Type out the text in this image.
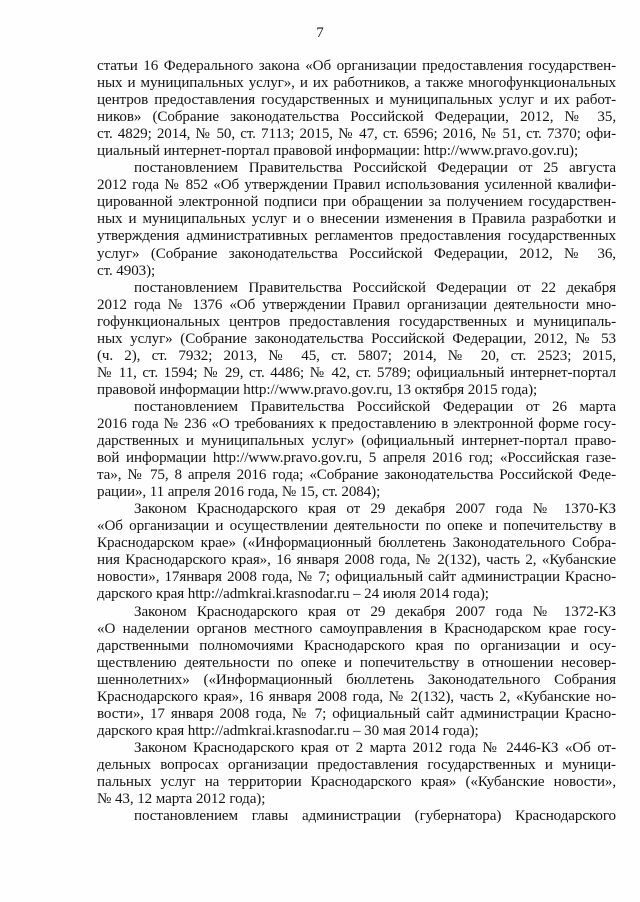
7
статьи 16 Федерального закона «Об организации предоставления государствен-
ных и муниципальных услуг», и их работников, а также многофункциональных
центров предоставления государственных и муниципальных услуг и их работ-
ников» (Собрание законодательства Российской Федерации, 2012, № 35,
ст. 4829; 2014, № 50, ст. 7113; 2015, № 47, ст. 6596; 2016, № 51, ст. 7370; офи-
циальный интернет-портал правовой информации: http://www.pravo.gov.ru);
постановлением Правительства Российской Федерации от 25 августа
2012 года № 852 «Об утверждении Правил использования усиленной квалифи-
цированной электронной подписи при обращении за получением государствен-
ных и муниципальных услуг и о внесении изменения в Правила разработки и
утверждения административных регламентов предоставления государственных
услуг» (Собрание законодательства Российской Федерации, 2012, № 36,
ст. 4903);
постановлением Правительства Российской Федерации от 22 декабря
2012 года № 1376 «Об утверждении Правил организации деятельности мно-
гофункциональных центров предоставления государственных и муниципаль-
ных услуг» (Собрание законодательства Российской Федерации, 2012, № 53
(ч. 2), ст. 7932; 2013, № 45, ст. 5807; 2014, № 20, ст. 2523; 2015,
№ 11, ст. 1594; № 29, ст. 4486; № 42, ст. 5789; официальный интернет-портал
правовой информации http://www.pravo.gov.ru, 13 октября 2015 года);
постановлением Правительства Российской Федерации от 26 марта
2016 года № 236 «О требованиях к предоставлению в электронной форме госу-
дарственных и муниципальных услуг» (официальный интернет-портал право-
вой информации http://www.pravo.gov.ru, 5 апреля 2016 год; «Российская газе-
та», № 75, 8 апреля 2016 года; «Собрание законодательства Российской Феде-
рации», 11 апреля 2016 года, № 15, ст. 2084);
Законом Краснодарского края от 29 декабря 2007 года № 1370-КЗ
«Об организации и осуществлении деятельности по опеке и попечительству в
Краснодарском крае» («Информационный бюллетень Законодательного Собра-
ния Краснодарского края», 16 января 2008 года, № 2(132), часть 2, «Кубанские
новости», 17января 2008 года, № 7; официальный сайт администрации Красно-
дарского края http://admkrai.krasnodar.ru – 24 июля 2014 года);
Законом Краснодарского края от 29 декабря 2007 года № 1372-КЗ
«О наделении органов местного самоуправления в Краснодарском крае госу-
дарственными полномочиями Краснодарского края по организации и осу-
ществлению деятельности по опеке и попечительству в отношении несовер-
шеннолетних» («Информационный бюллетень Законодательного Собрания
Краснодарского края», 16 января 2008 года, № 2(132), часть 2, «Кубанские но-
вости», 17 января 2008 года, № 7; официальный сайт администрации Красно-
дарского края http://admkrai.krasnodar.ru – 30 мая 2014 года);
Законом Краснодарского края от 2 марта 2012 года № 2446-КЗ «Об от-
дельных вопросах организации предоставления государственных и муници-
пальных услуг на территории Краснодарского края» («Кубанские новости»,
№ 43, 12 марта 2012 года);
постановлением главы администрации (губернатора) Краснодарского
